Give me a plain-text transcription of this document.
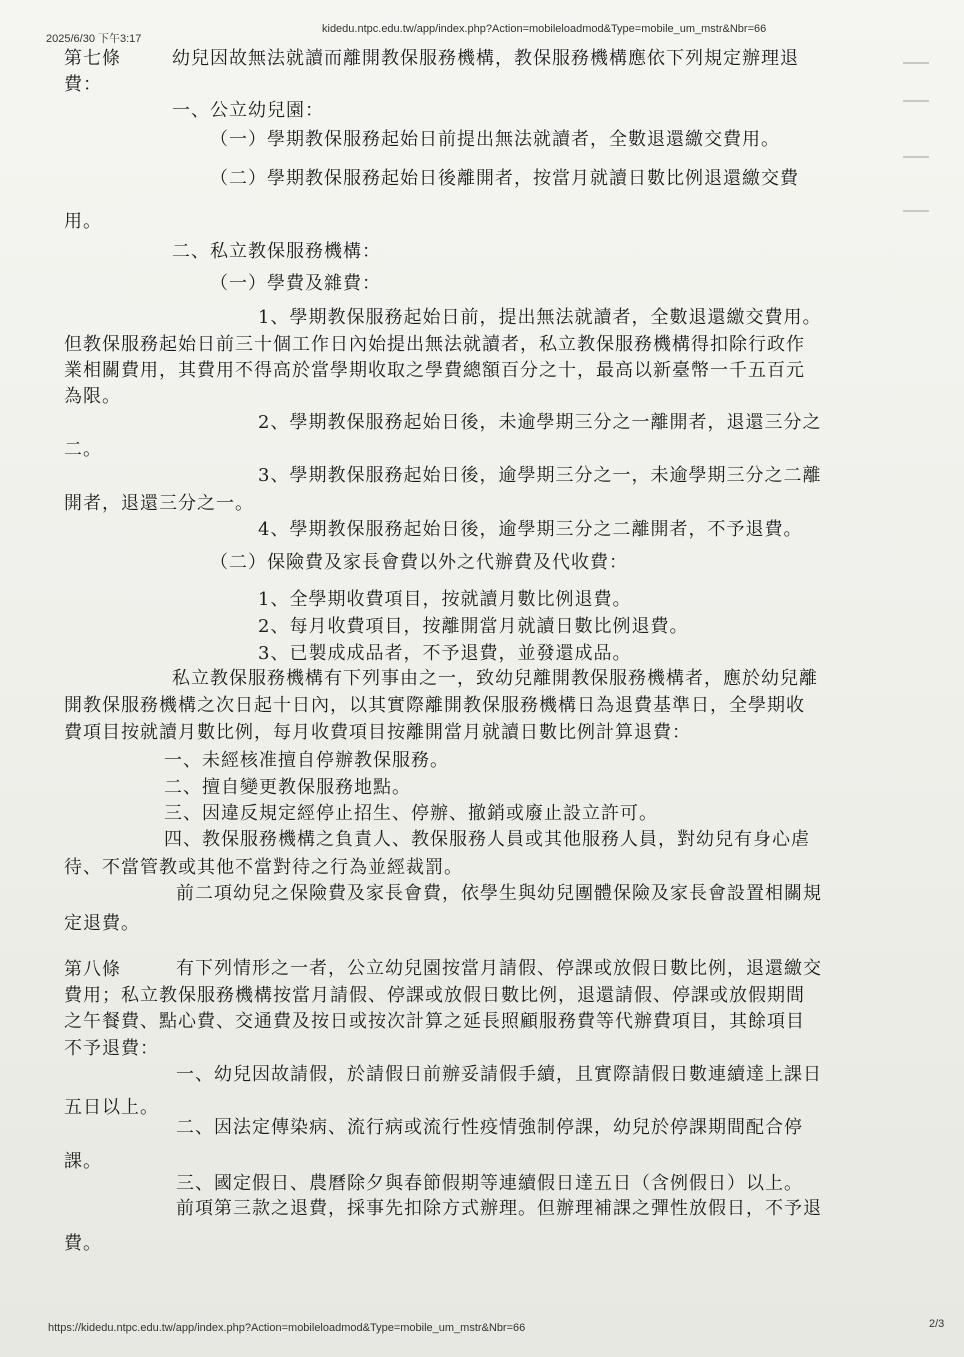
2025/6/30 下午3:17
kidedu.ntpc.edu.tw/app/index.php?Action=mobileloadmod&Type=mobile_um_mstr&Nbr=66
第七條	幼兒因故無法就讀而離開教保服務機構，教保服務機構應依下列規定辦理退
費：
一、公立幼兒園：
（一）學期教保服務起始日前提出無法就讀者，全數退還繳交費用。
（二）學期教保服務起始日後離開者，按當月就讀日數比例退還繳交費
用。
二、私立教保服務機構：
（一）學費及雜費：
1、學期教保服務起始日前，提出無法就讀者，全數退還繳交費用。
但教保服務起始日前三十個工作日內始提出無法就讀者，私立教保服務機構得扣除行政作
業相關費用，其費用不得高於當學期收取之學費總額百分之十，最高以新臺幣一千五百元
為限。
2、學期教保服務起始日後，未逾學期三分之一離開者，退還三分之
二。
3、學期教保服務起始日後，逾學期三分之一，未逾學期三分之二離
開者，退還三分之一。
4、學期教保服務起始日後，逾學期三分之二離開者，不予退費。
（二）保險費及家長會費以外之代辦費及代收費：
1、全學期收費項目，按就讀月數比例退費。
2、每月收費項目，按離開當月就讀日數比例退費。
3、已製成成品者，不予退費，並發還成品。
私立教保服務機構有下列事由之一，致幼兒離開教保服務機構者，應於幼兒離
開教保服務機構之次日起十日內，以其實際離開教保服務機構日為退費基準日，全學期收
費項目按就讀月數比例，每月收費項目按離開當月就讀日數比例計算退費：
一、未經核准擅自停辦教保服務。
二、擅自變更教保服務地點。
三、因違反規定經停止招生、停辦、撤銷或廢止設立許可。
四、教保服務機構之負責人、教保服務人員或其他服務人員，對幼兒有身心虐
待、不當管教或其他不當對待之行為並經裁罰。
前二項幼兒之保險費及家長會費，依學生與幼兒團體保險及家長會設置相關規
定退費。
第八條	有下列情形之一者，公立幼兒園按當月請假、停課或放假日數比例，退還繳交
費用；私立教保服務機構按當月請假、停課或放假日數比例，退還請假、停課或放假期間
之午餐費、點心費、交通費及按日或按次計算之延長照顧服務費等代辦費項目，其餘項目
不予退費：
一、幼兒因故請假，於請假日前辦妥請假手續，且實際請假日數連續達上課日
五日以上。
二、因法定傳染病、流行病或流行性疫情強制停課，幼兒於停課期間配合停
課。
三、國定假日、農曆除夕與春節假期等連續假日達五日（含例假日）以上。
前項第三款之退費，採事先扣除方式辦理。但辦理補課之彈性放假日，不予退
費。
https://kidedu.ntpc.edu.tw/app/index.php?Action=mobileloadmod&Type=mobile_um_mstr&Nbr=66	2/3
